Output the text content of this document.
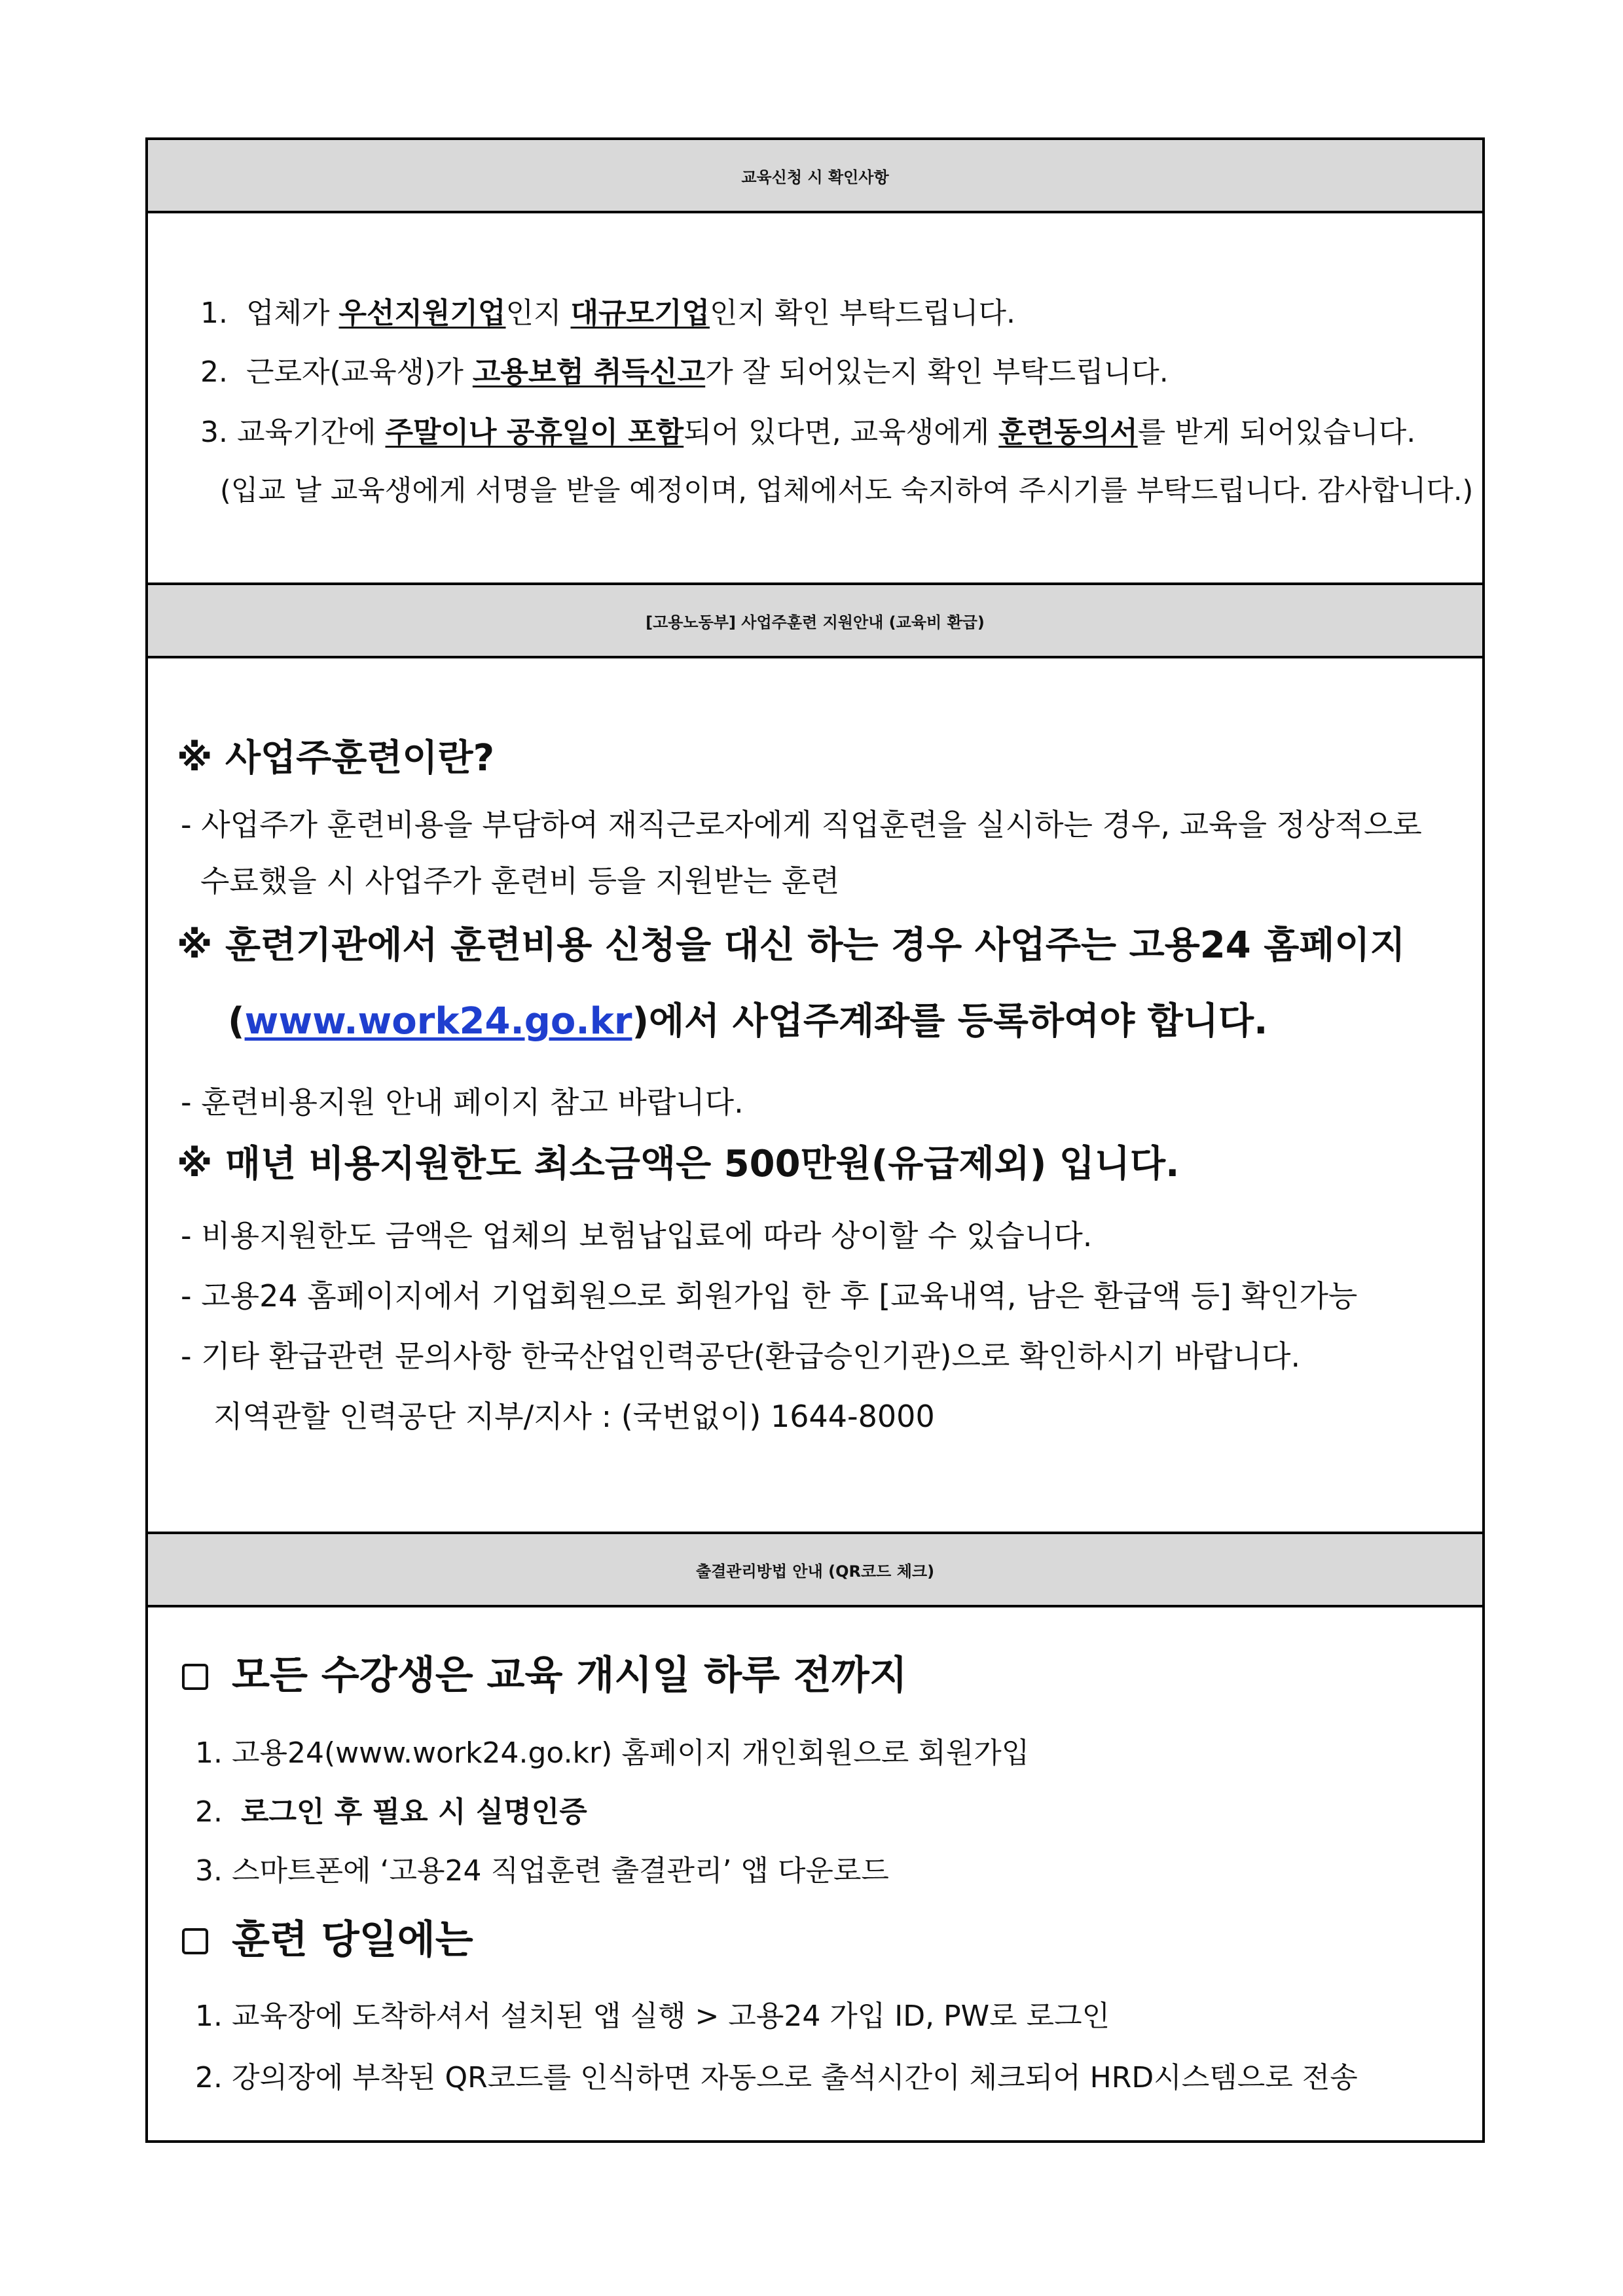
교육신청 시 확인사항
1. 업체가 우선지원기업인지 대규모기업인지 확인 부탁드립니다.
2. 근로자(교육생)가 고용보험 취득신고가 잘 되어있는지 확인 부탁드립니다.
3. 교육기간에 주말이나 공휴일이 포함되어 있다면, 교육생에게 훈련동의서를 받게 되어있습니다.
(입교 날 교육생에게 서명을 받을 예정이며, 업체에서도 숙지하여 주시기를 부탁드립니다. 감사합니다.)
[고용노동부] 사업주훈련 지원안내 (교육비 환급)
※ 사업주훈련이란?
- 사업주가 훈련비용을 부담하여 재직근로자에게 직업훈련을 실시하는 경우, 교육을 정상적으로
수료했을 시 사업주가 훈련비 등을 지원받는 훈련
※ 훈련기관에서 훈련비용 신청을 대신 하는 경우 사업주는 고용24 홈페이지
(www.work24.go.kr)에서 사업주계좌를 등록하여야 합니다.
- 훈련비용지원 안내 페이지 참고 바랍니다.
※ 매년 비용지원한도 최소금액은 500만원(유급제외) 입니다.
- 비용지원한도 금액은 업체의 보험납입료에 따라 상이할 수 있습니다.
- 고용24 홈페이지에서 기업회원으로 회원가입 한 후 [교육내역, 남은 환급액 등] 확인가능
- 기타 환급관련 문의사항 한국산업인력공단(환급승인기관)으로 확인하시기 바랍니다.
지역관할 인력공단 지부/지사 : (국번없이) 1644-8000
출결관리방법 안내 (QR코드 체크)
모든 수강생은 교육 개시일 하루 전까지
1. 고용24(www.work24.go.kr) 홈페이지 개인회원으로 회원가입
2. 로그인 후 필요 시 실명인증
3. 스마트폰에 ‘고용24 직업훈련 출결관리’ 앱 다운로드
훈련 당일에는
1. 교육장에 도착하셔서 설치된 앱 실행 > 고용24 가입 ID, PW로 로그인
2. 강의장에 부착된 QR코드를 인식하면 자동으로 출석시간이 체크되어 HRD시스템으로 전송
